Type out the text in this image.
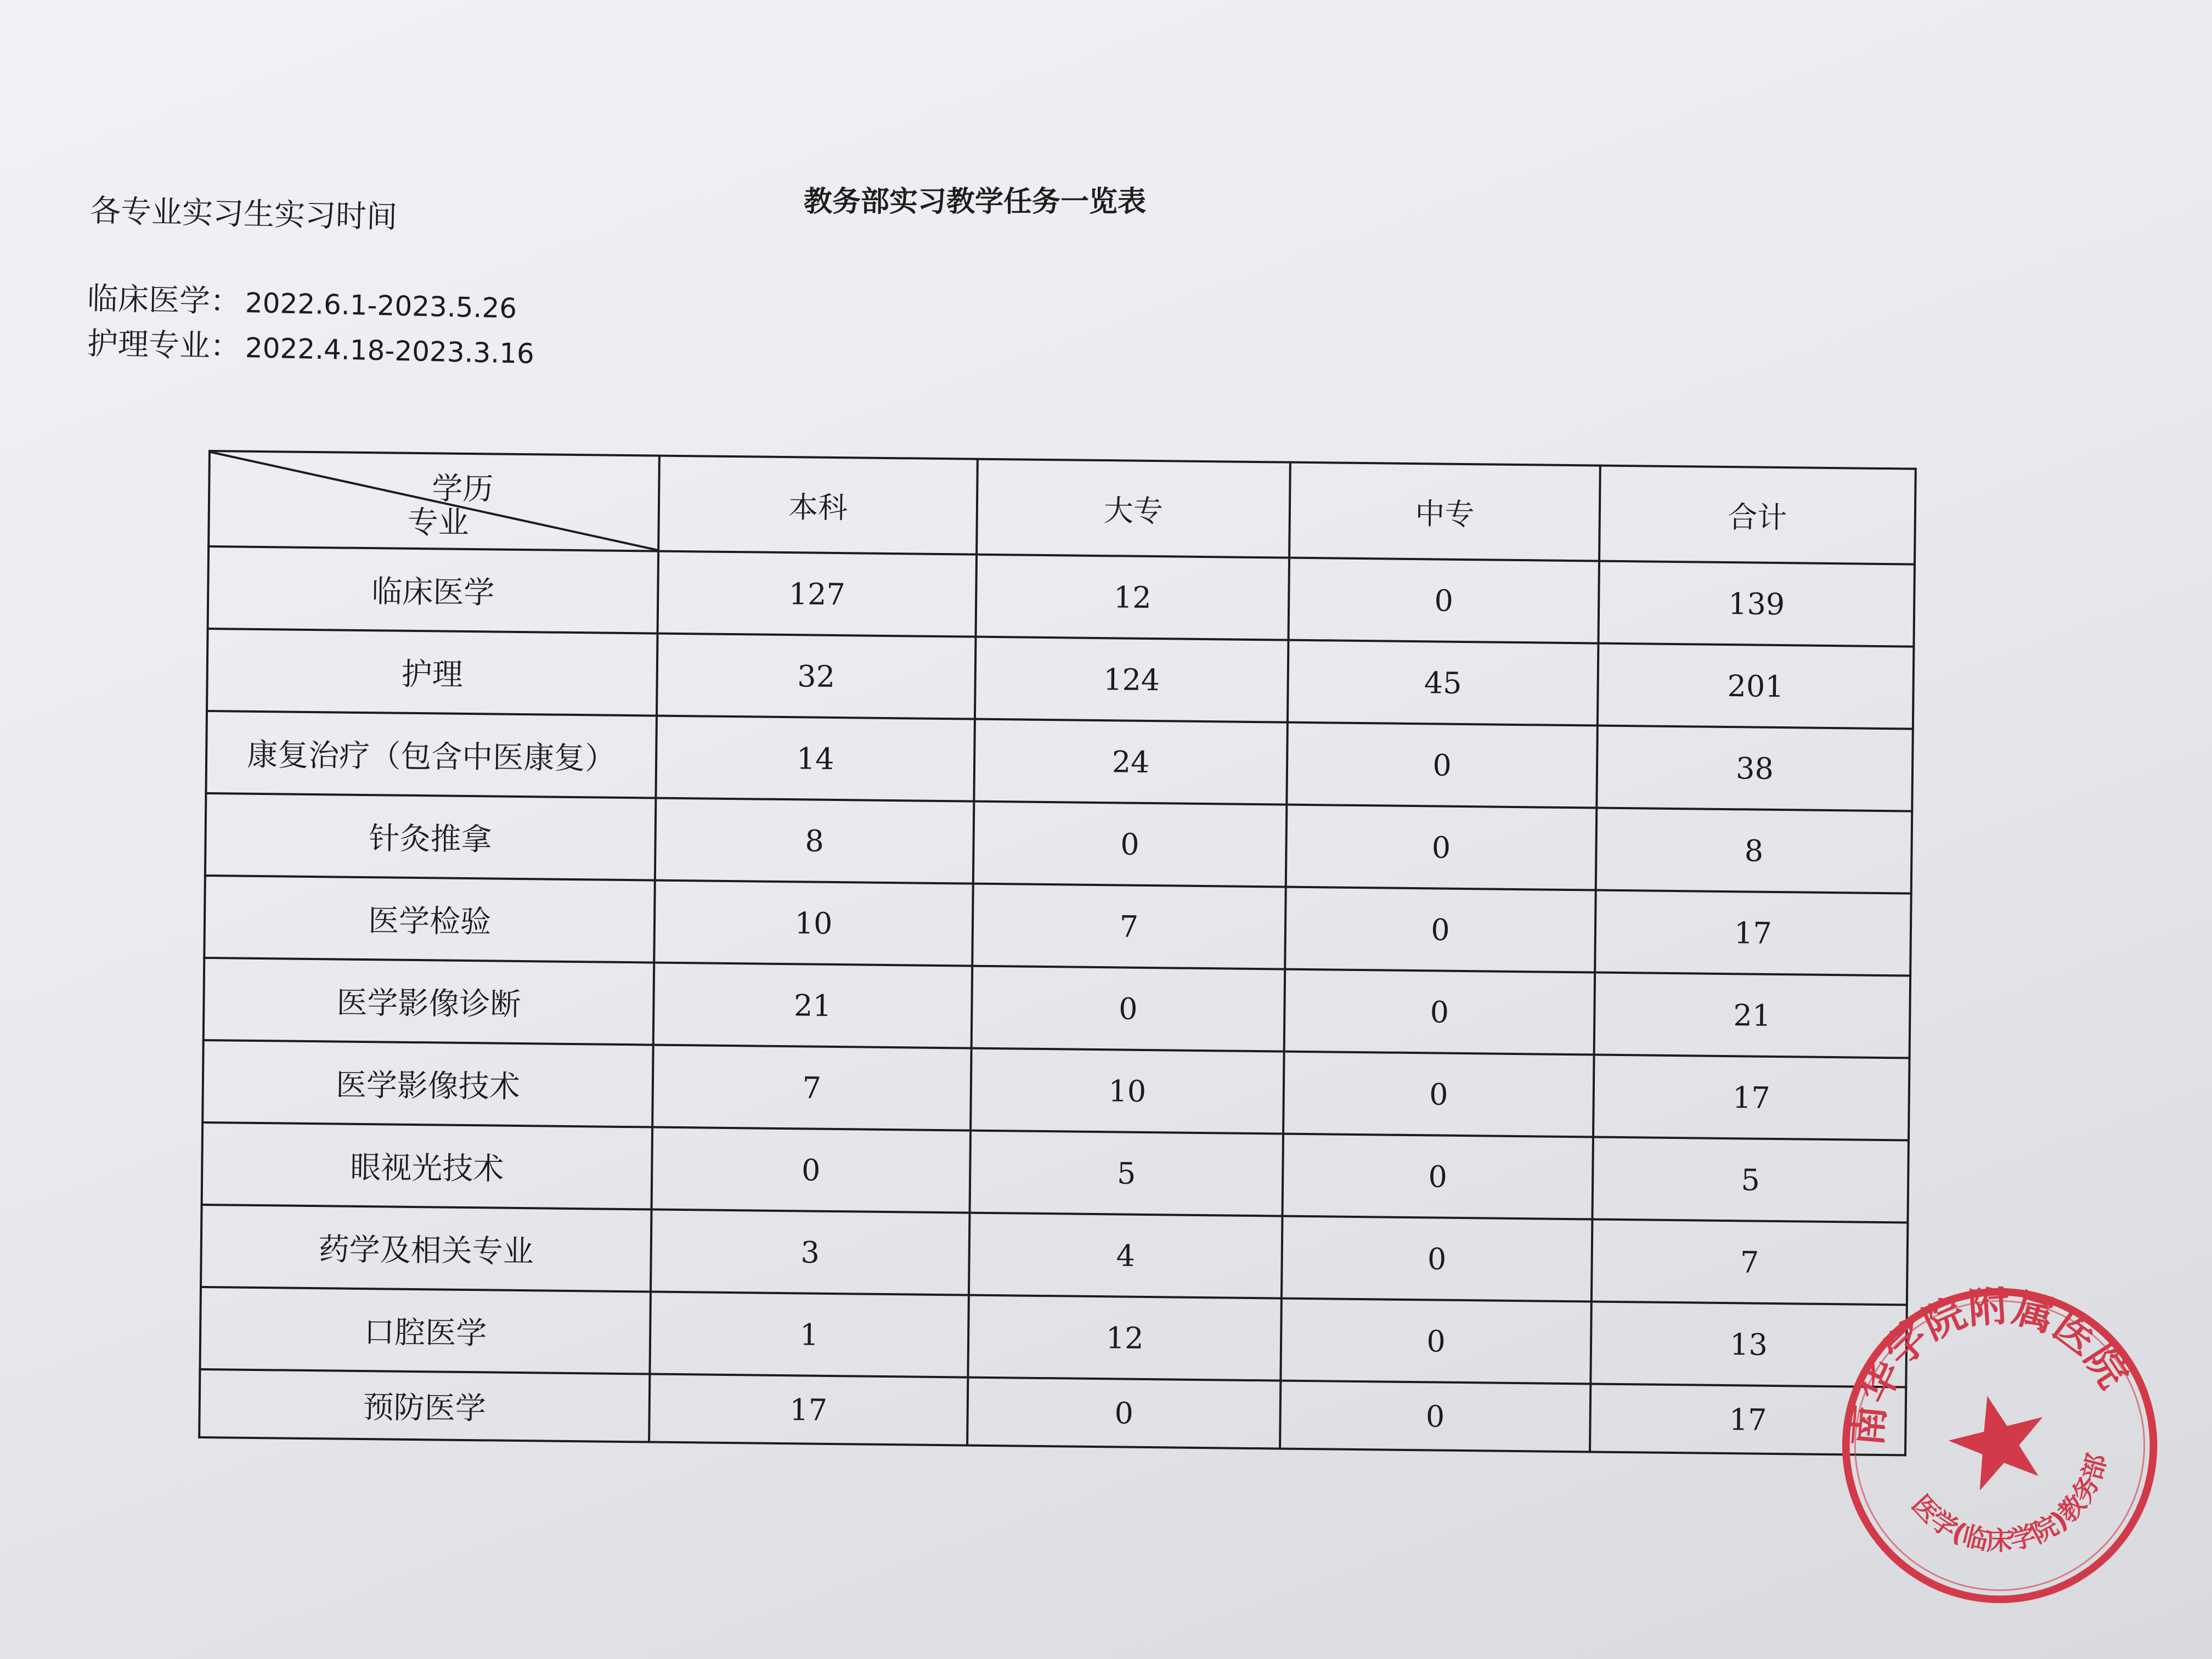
各专业实习生实习时间	教务部实习教学任务一览表
临床医学： 2022.6.1-2023.5.26
护理专业： 2022.4.18-2023.3.16
学历
专业	本科	大专	中专	合计
临床医学	127	12	0	139
护理	32	124	45	201
康复治疗（包含中医康复）	14	24	0	38
针灸推拿	8	0	0	8
医学检验	10	7	0	17
医学影像诊断	21	0	0	21
医学影像技术	7	10	0	17
眼视光技术	0	5	0	5
药学及相关专业	3	4	0	7
口腔医学	1	12	0	13
预防医学	17	0	0	17	南华学院附属医院
医学(临床学院)教务部
